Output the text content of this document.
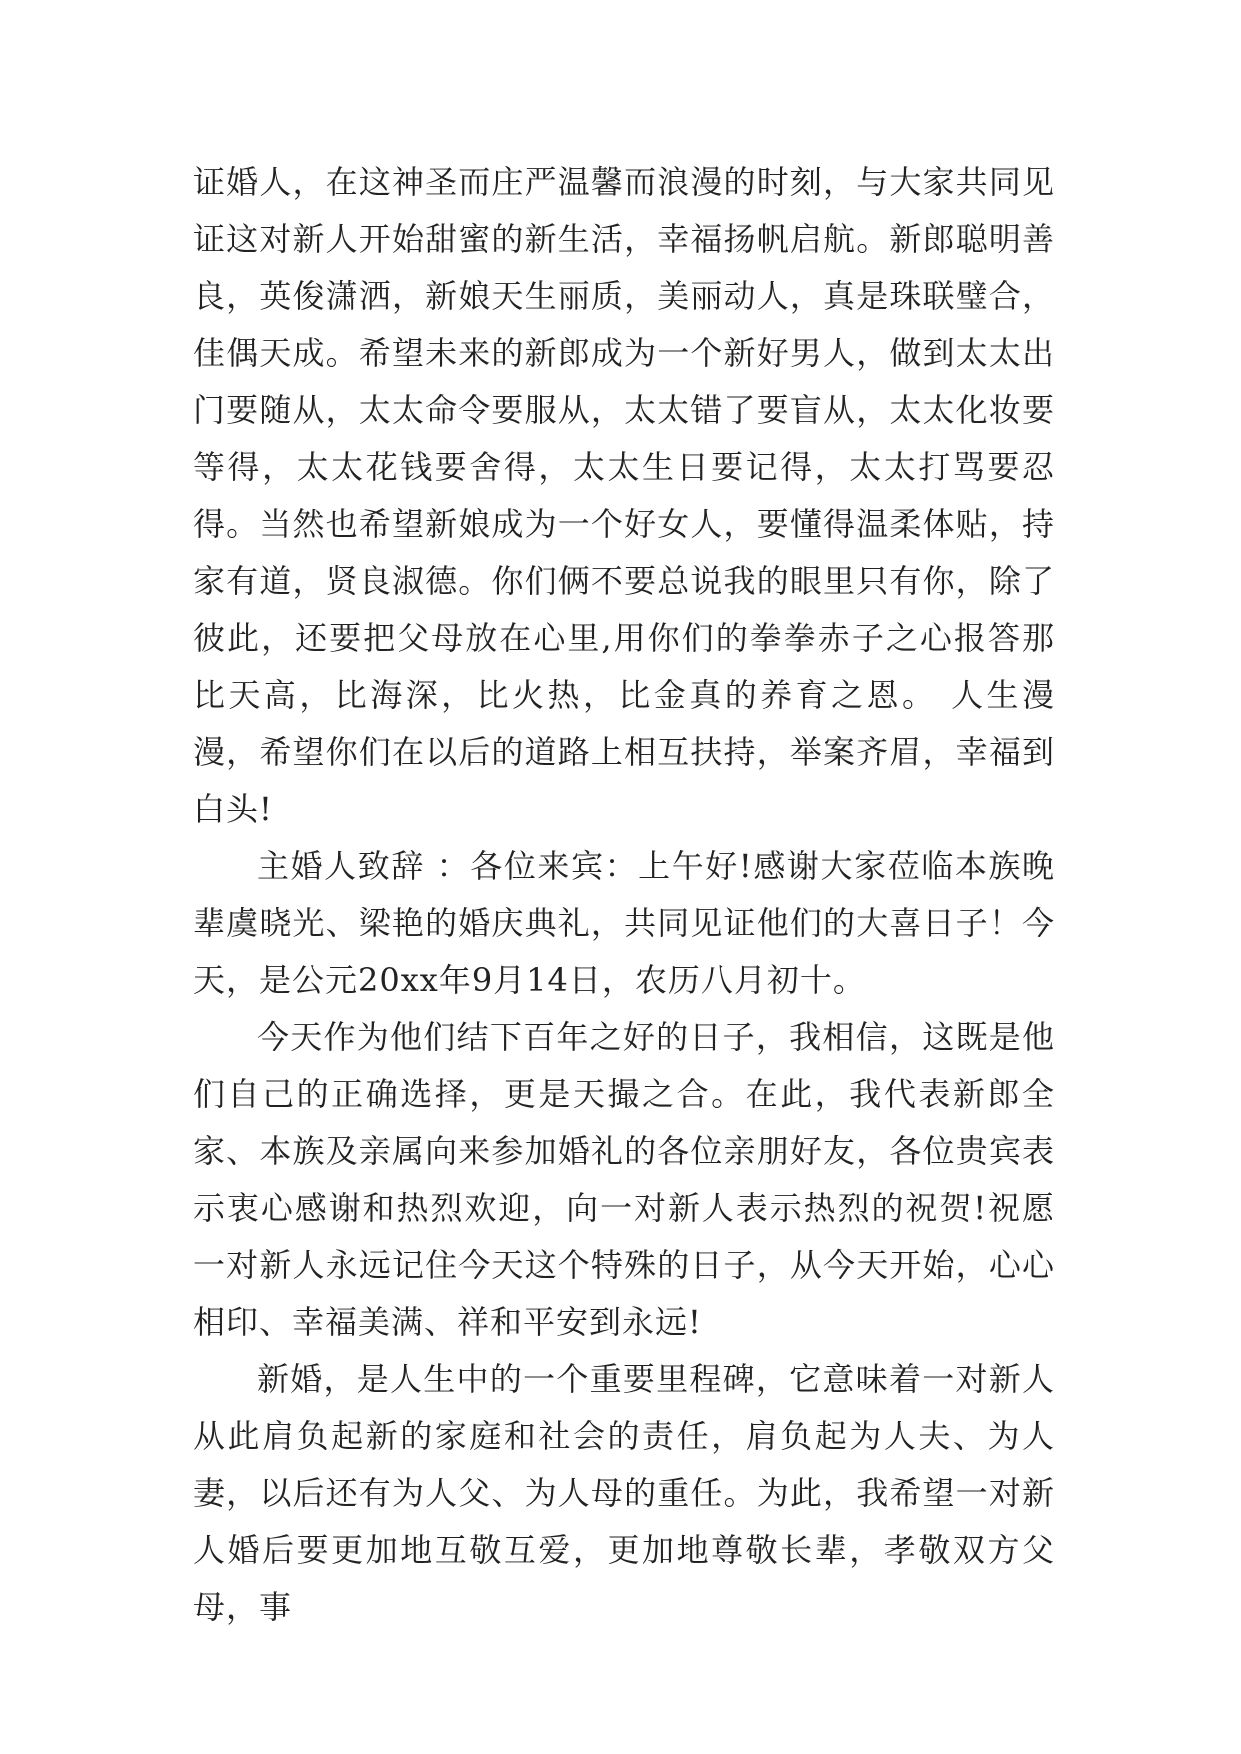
证婚人，在这神圣而庄严温馨而浪漫的时刻，与大家共同见证这对新人开始甜蜜的新生活，幸福扬帆启航。新郎聪明善良，英俊潇洒，新娘天生丽质，美丽动人，真是珠联璧合，佳偶天成。希望未来的新郎成为一个新好男人，做到太太出门要随从，太太命令要服从，太太错了要盲从，太太化妆要等得，太太花钱要舍得，太太生日要记得，太太打骂要忍得。当然也希望新娘成为一个好女人，要懂得温柔体贴，持家有道，贤良淑德。你们俩不要总说我的眼里只有你，除了彼此，还要把父母放在心里,用你们的拳拳赤子之心报答那比天高，比海深，比火热，比金真的养育之恩。 人生漫漫，希望你们在以后的道路上相互扶持，举案齐眉，幸福到白头!

主婚人致辞 ：各位来宾：上午好!感谢大家莅临本族晚辈虞晓光、梁艳的婚庆典礼，共同见证他们的大喜日子！今天，是公元20xx年9月14日，农历八月初十。

今天作为他们结下百年之好的日子，我相信，这既是他们自己的正确选择，更是天撮之合。在此，我代表新郎全家、本族及亲属向来参加婚礼的各位亲朋好友，各位贵宾表示衷心感谢和热烈欢迎，向一对新人表示热烈的祝贺!祝愿一对新人永远记住今天这个特殊的日子，从今天开始，心心相印、幸福美满、祥和平安到永远!

新婚，是人生中的一个重要里程碑，它意味着一对新人从此肩负起新的家庭和社会的责任，肩负起为人夫、为人妻，以后还有为人父、为人母的重任。为此，我希望一对新人婚后要更加地互敬互爱，更加地尊敬长辈，孝敬双方父母，事
